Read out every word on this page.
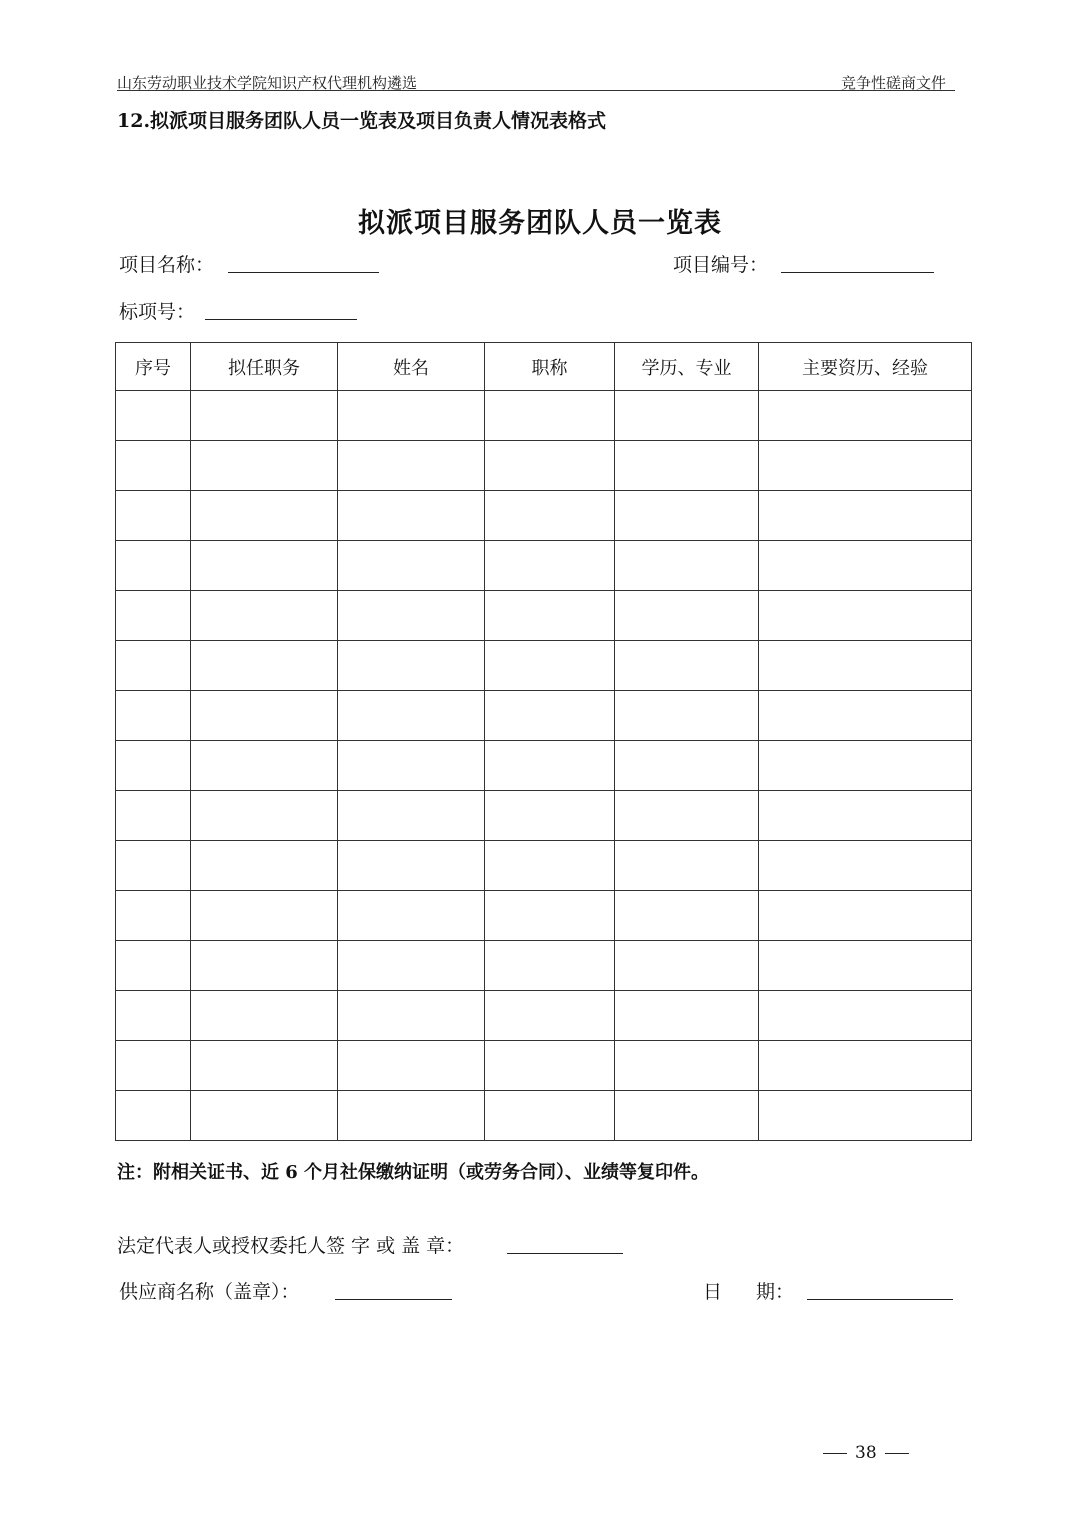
山东劳动职业技术学院知识产权代理机构遴选	竞争性磋商文件
12.拟派项目服务团队人员一览表及项目负责人情况表格式
拟派项目服务团队人员一览表
项目名称：	项目编号：
标项号：
序号	拟任职务	姓名	职称	学历、专业	主要资历、经验

注：附相关证书、近 6 个月社保缴纳证明（或劳务合同）、业绩等复印件。
法定代表人或授权委托人签 字 或 盖 章：
供应商名称（盖章）：	日 期：
38
